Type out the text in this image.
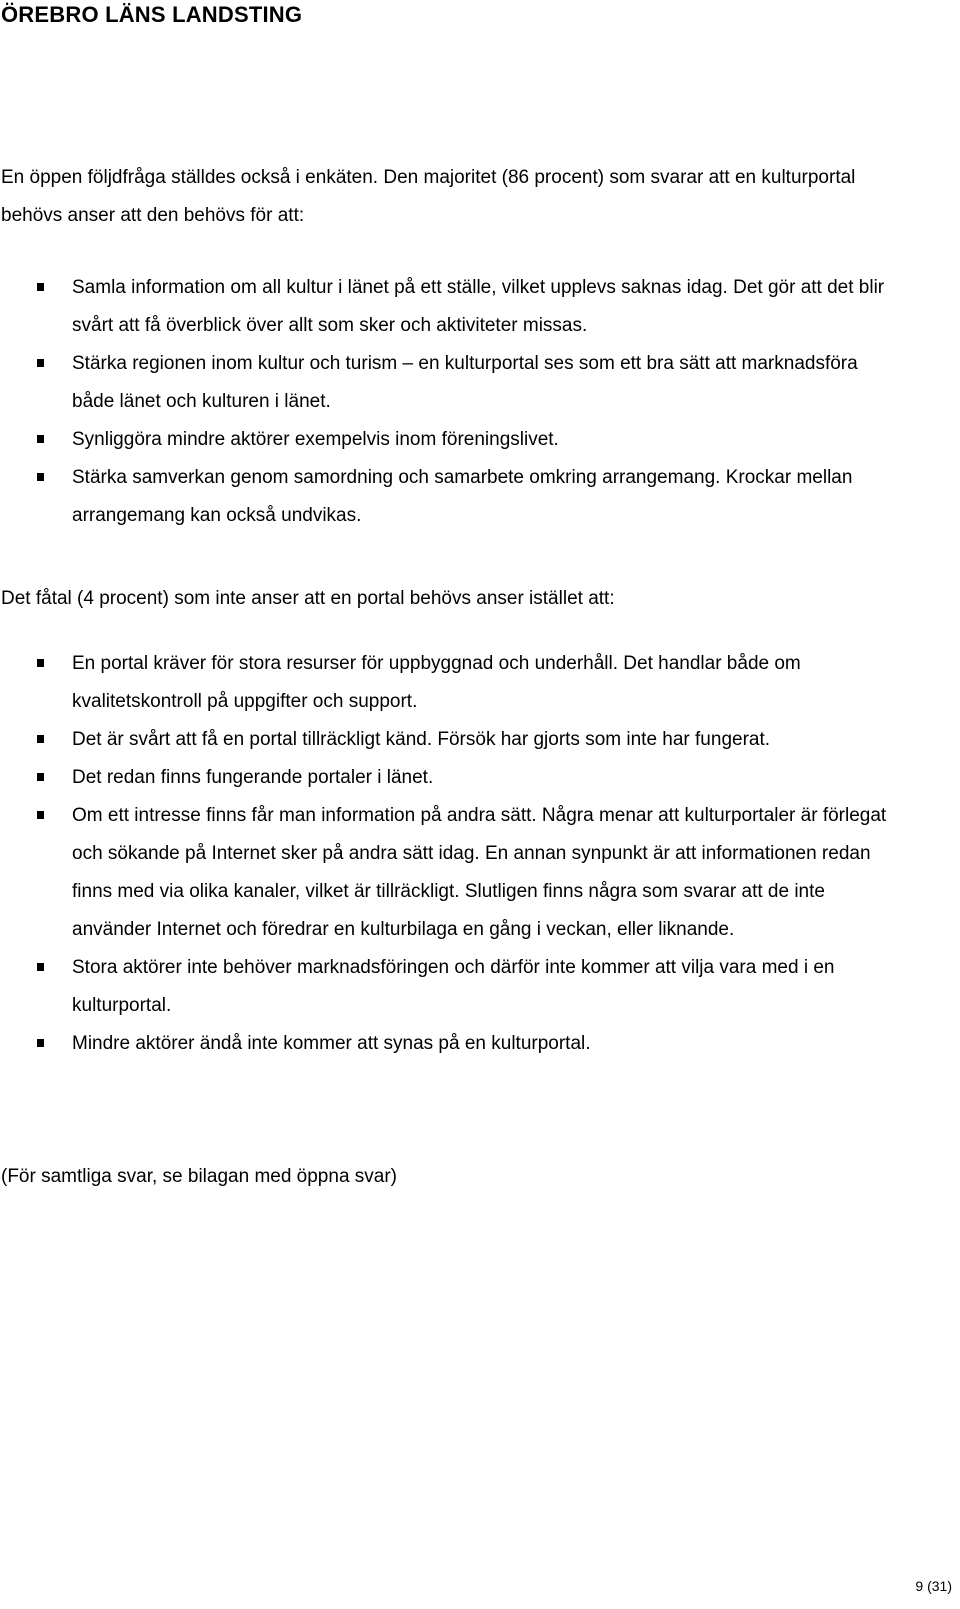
ÖREBRO LÄNS LANDSTING

En öppen följdfråga ställdes också i enkäten. Den majoritet (86 procent) som svarar att en kulturportal behövs anser att den behövs för att:

Samla information om all kultur i länet på ett ställe, vilket upplevs saknas idag. Det gör att det blir svårt att få överblick över allt som sker och aktiviteter missas.
Stärka regionen inom kultur och turism – en kulturportal ses som ett bra sätt att marknadsföra både länet och kulturen i länet.
Synliggöra mindre aktörer exempelvis inom föreningslivet.
Stärka samverkan genom samordning och samarbete omkring arrangemang. Krockar mellan arrangemang kan också undvikas.

Det fåtal (4 procent) som inte anser att en portal behövs anser istället att:

En portal kräver för stora resurser för uppbyggnad och underhåll. Det handlar både om kvalitetskontroll på uppgifter och support.
Det är svårt att få en portal tillräckligt känd. Försök har gjorts som inte har fungerat.
Det redan finns fungerande portaler i länet.
Om ett intresse finns får man information på andra sätt. Några menar att kulturportaler är förlegat och sökande på Internet sker på andra sätt idag. En annan synpunkt är att informationen redan finns med via olika kanaler, vilket är tillräckligt. Slutligen finns några som svarar att de inte använder Internet och föredrar en kulturbilaga en gång i veckan, eller liknande.
Stora aktörer inte behöver marknadsföringen och därför inte kommer att vilja vara med i en kulturportal.
Mindre aktörer ändå inte kommer att synas på en kulturportal.

(För samtliga svar, se bilagan med öppna svar)

9 (31)
